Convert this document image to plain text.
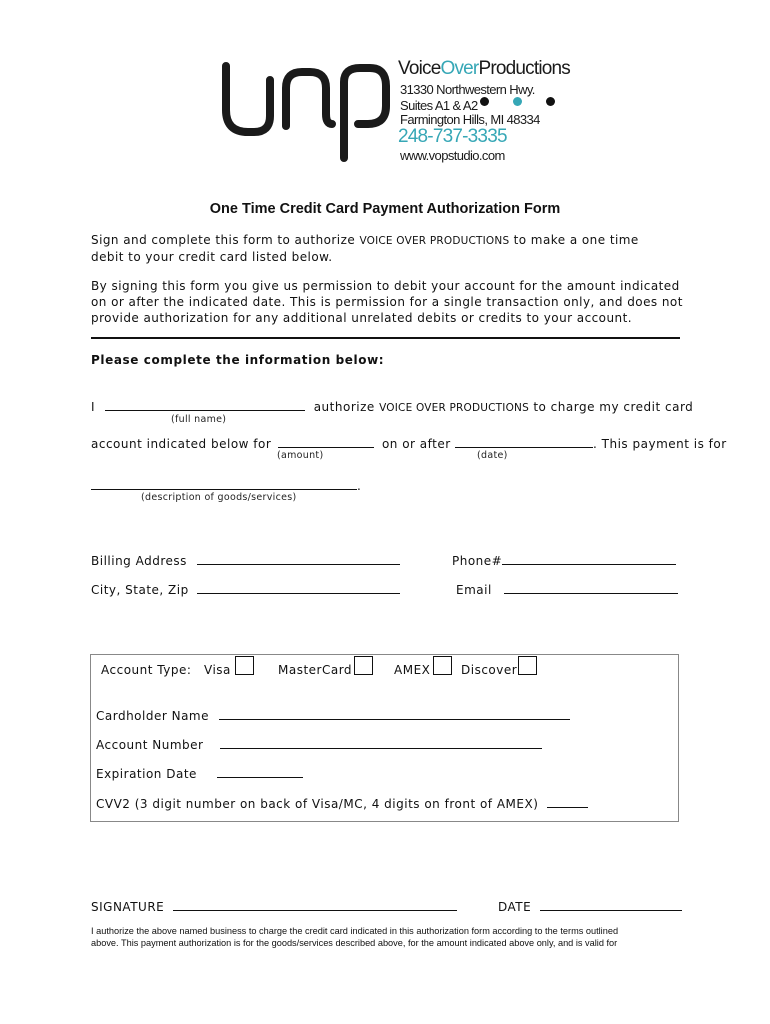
VoiceOverProductions
31330 Northwestern Hwy.
Suites A1 & A2
Farmington Hills, MI 48334
248-737-3335
www.vopstudio.com
One Time Credit Card Payment Authorization Form
Sign and complete this form to authorize VOICE OVER PRODUCTIONS to make a one time
debit to your credit card listed below.
By signing this form you give us permission to debit your account for the amount indicated
on or after the indicated date. This is permission for a single transaction only, and does not
provide authorization for any additional unrelated debits or credits to your account.
Please complete the information below:
I	authorize VOICE OVER PRODUCTIONS to charge my credit card
(full name)
account indicated below for	on or after	. This payment is for
(amount)	(date)
.
(description of goods/services)
Billing Address	Phone#
City, State, Zip	Email
Account Type: Visa	MasterCard	AMEX	Discover
Cardholder Name
Account Number
Expiration Date
CVV2 (3 digit number on back of Visa/MC, 4 digits on front of AMEX)
SIGNATURE	DATE
I authorize the above named business to charge the credit card indicated in this authorization form according to the terms outlined
above. This payment authorization is for the goods/services described above, for the amount indicated above only, and is valid for
